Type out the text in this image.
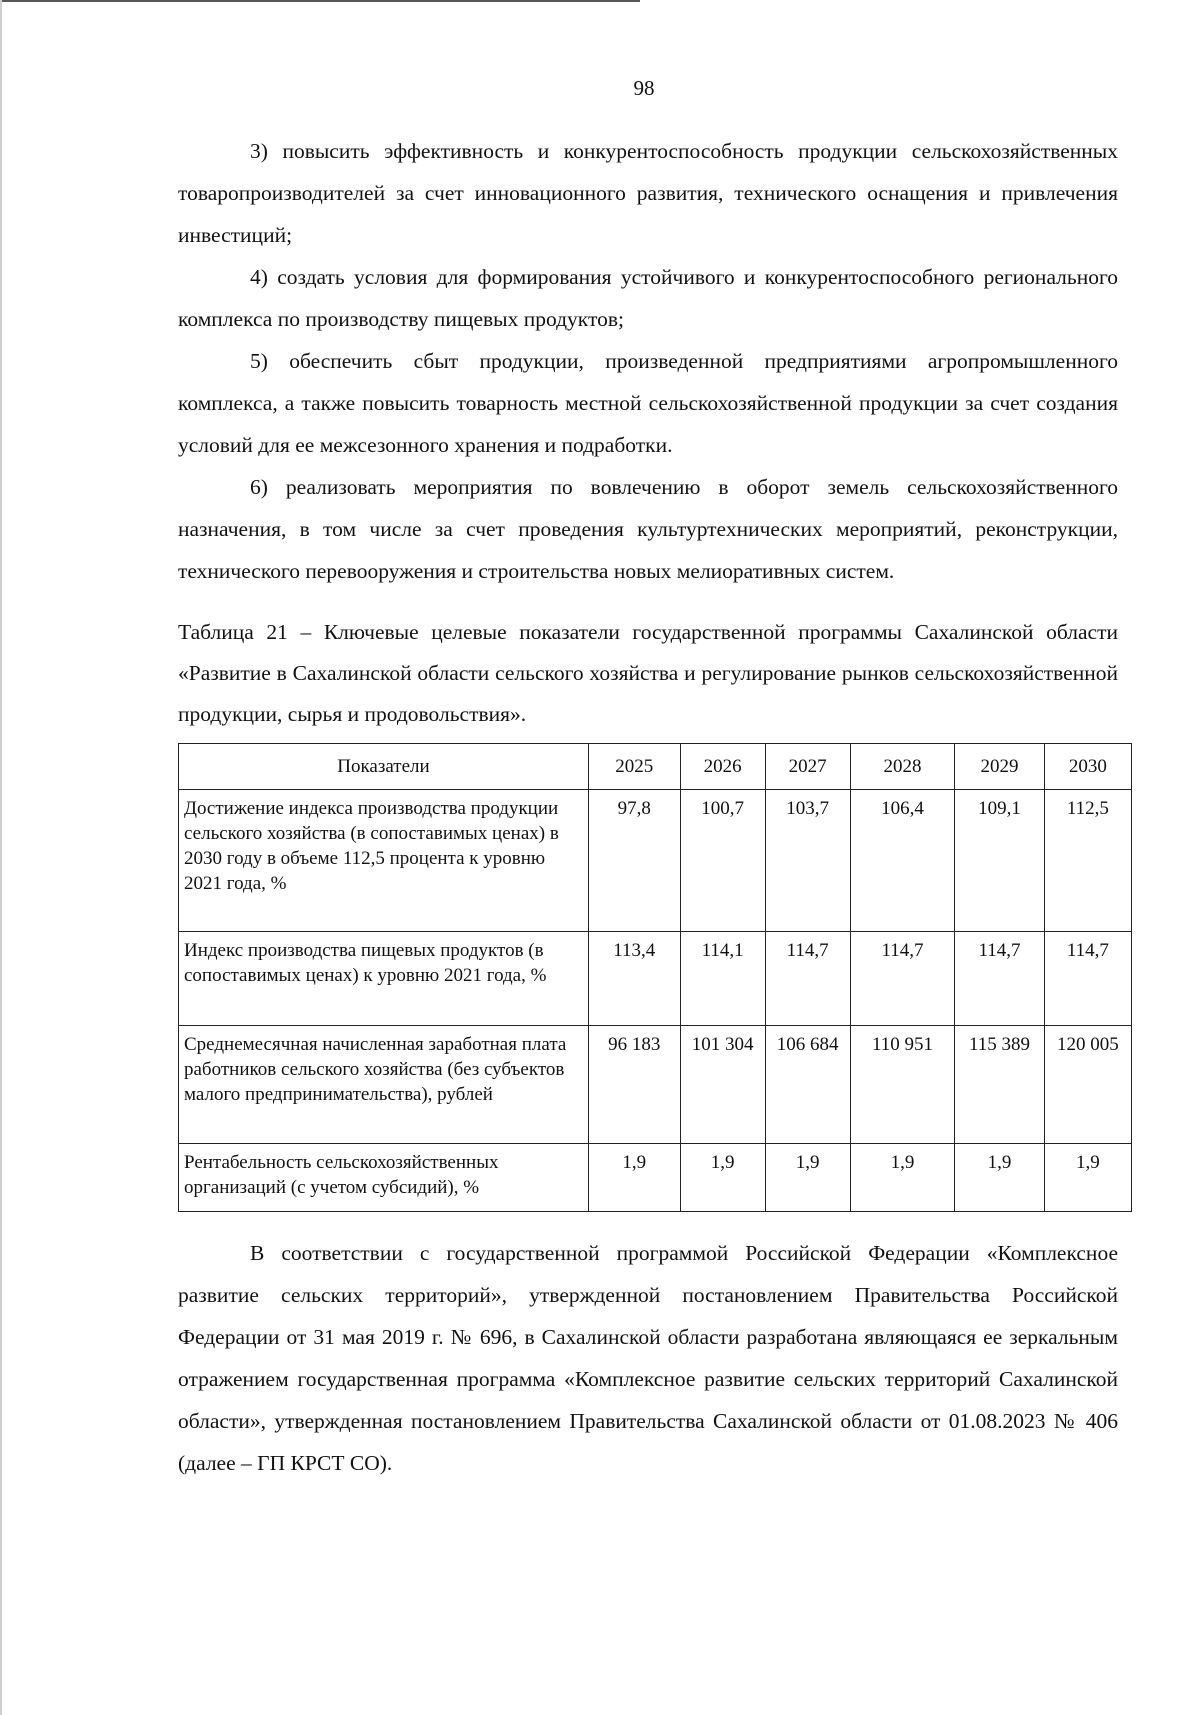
98

3) повысить эффективность и конкурентоспособность продукции сельскохозяйственных товаропроизводителей за счет инновационного развития, технического оснащения и привлечения инвестиций;

4) создать условия для формирования устойчивого и конкурентоспособного регионального комплекса по производству пищевых продуктов;

5) обеспечить сбыт продукции, произведенной предприятиями агропромышленного комплекса, а также повысить товарность местной сельскохозяйственной продукции за счет создания условий для ее межсезонного хранения и подработки.

6) реализовать мероприятия по вовлечению в оборот земель сельскохозяйственного назначения, в том числе за счет проведения культуртехнических мероприятий, реконструкции, технического перевооружения и строительства новых мелиоративных систем.

Таблица 21 – Ключевые целевые показатели государственной программы Сахалинской области «Развитие в Сахалинской области сельского хозяйства и регулирование рынков сельскохозяйственной продукции, сырья и продовольствия».

Показатели	2025	2026	2027	2028	2029	2030
Достижение индекса производства продукции сельского хозяйства (в сопоставимых ценах) в 2030 году в объеме 112,5 процента к уровню 2021 года, %	97,8	100,7	103,7	106,4	109,1	112,5
Индекс производства пищевых продуктов (в сопоставимых ценах) к уровню 2021 года, %	113,4	114,1	114,7	114,7	114,7	114,7
Среднемесячная начисленная заработная плата работников сельского хозяйства (без субъектов малого предпринимательства), рублей	96 183	101 304	106 684	110 951	115 389	120 005
Рентабельность сельскохозяйственных организаций (с учетом субсидий), %	1,9	1,9	1,9	1,9	1,9	1,9

В соответствии с государственной программой Российской Федерации «Комплексное развитие сельских территорий», утвержденной постановлением Правительства Российской Федерации от 31 мая 2019 г. № 696, в Сахалинской области разработана являющаяся ее зеркальным отражением государственная программа «Комплексное развитие сельских территорий Сахалинской области», утвержденная постановлением Правительства Сахалинской области от 01.08.2023 № 406 (далее – ГП КРСТ СО).
